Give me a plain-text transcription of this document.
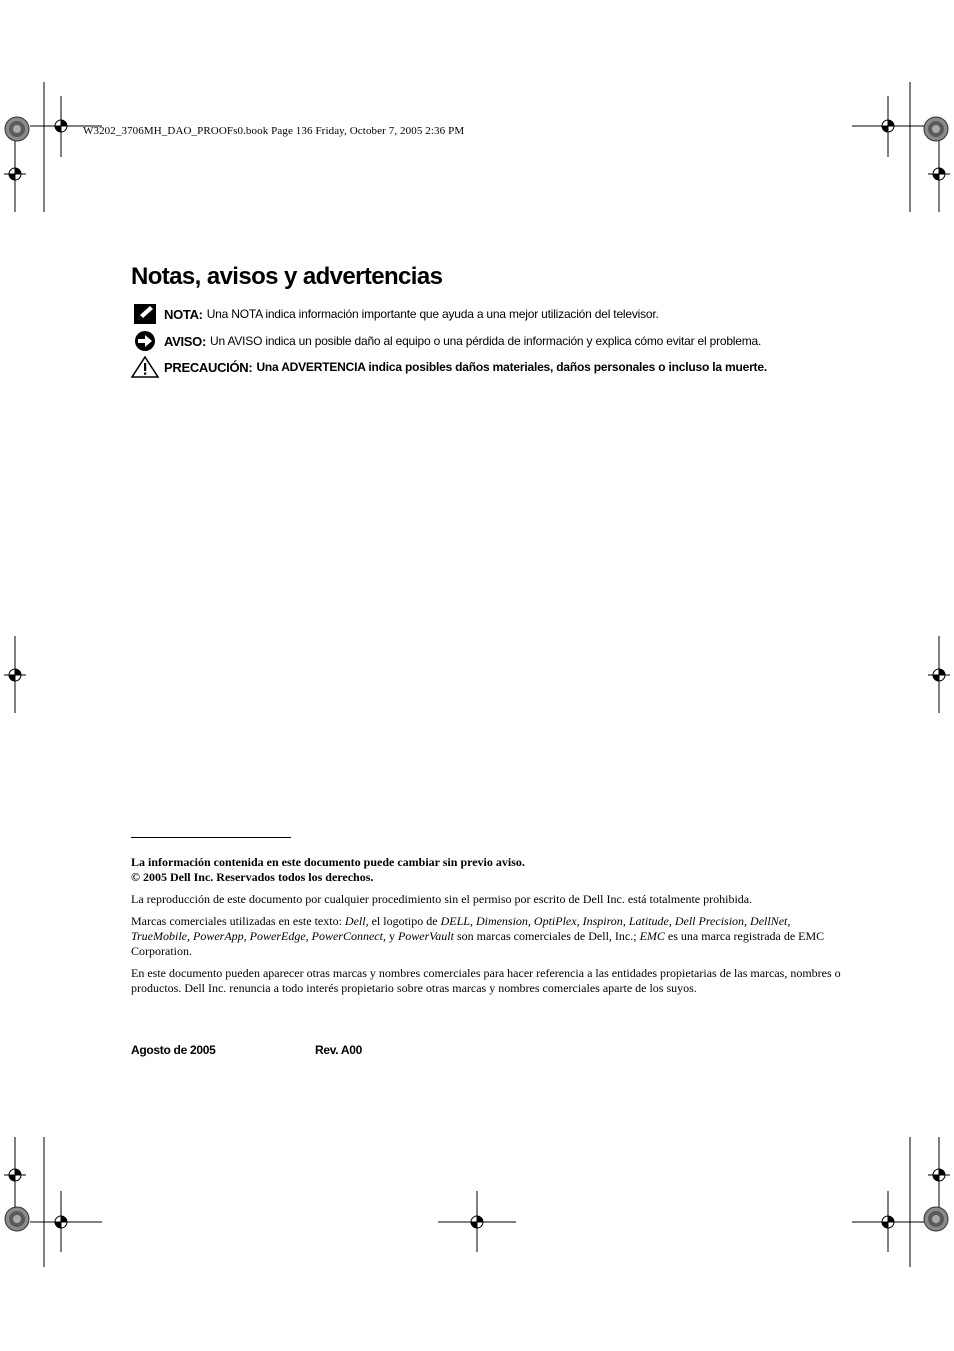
W3202_3706MH_DAO_PROOFs0.book Page 136 Friday, October 7, 2005 2:36 PM
Notas, avisos y advertencias
NOTA: Una NOTA indica información importante que ayuda a una mejor utilización del televisor.
AVISO: Un AVISO indica un posible daño al equipo o una pérdida de información y explica cómo evitar el problema.
PRECAUCIÓN: Una ADVERTENCIA indica posibles daños materiales, daños personales o incluso la muerte.

La información contenida en este documento puede cambiar sin previo aviso.
© 2005 Dell Inc. Reservados todos los derechos.

La reproducción de este documento por cualquier procedimiento sin el permiso por escrito de Dell Inc. está totalmente prohibida.

Marcas comerciales utilizadas en este texto: Dell, el logotipo de DELL, Dimension, OptiPlex, Inspiron, Latitude, Dell Precision, DellNet, TrueMobile, PowerApp, PowerEdge, PowerConnect, y PowerVault son marcas comerciales de Dell, Inc.; EMC es una marca registrada de EMC Corporation.

En este documento pueden aparecer otras marcas y nombres comerciales para hacer referencia a las entidades propietarias de las marcas, nombres o productos. Dell Inc. renuncia a todo interés propietario sobre otras marcas y nombres comerciales aparte de los suyos.

Agosto de 2005	Rev. A00
